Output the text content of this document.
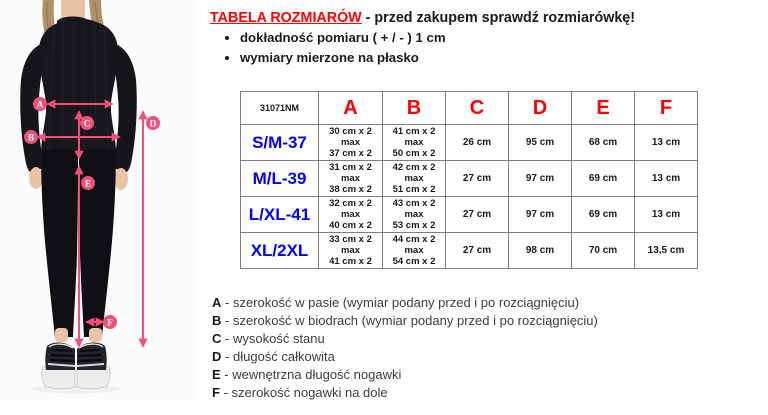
A
B
C	D
E
F
TABELA ROZMIARÓW - przed zakupem sprawdź rozmiarówkę!
• dokładność pomiaru ( + / - ) 1 cm
• wymiary mierzone na płasko
31071NM	A	B	C	D	E	F
S/M-37	30 cm x 2
max
37 cm x 2	41 cm x 2
max
50 cm x 2	26 cm	95 cm	68 cm	13 cm
M/L-39	31 cm x 2
max
38 cm x 2	42 cm x 2
max
51 cm x 2	27 cm	97 cm	69 cm	13 cm
L/XL-41	32 cm x 2
max
40 cm x 2	43 cm x 2
max
53 cm x 2	27 cm	97 cm	69 cm	13 cm
XL/2XL	33 cm x 2
max
41 cm x 2	44 cm x 2
max
54 cm x 2	27 cm	98 cm	70 cm	13,5 cm
A - szerokość w pasie (wymiar podany przed i po rozciągnięciu)
B - szerokość w biodrach (wymiar podany przed i po rozciągnięciu)
C - wysokość stanu
D - długość całkowita
E - wewnętrzna długość nogawki
F - szerokość nogawki na dole
